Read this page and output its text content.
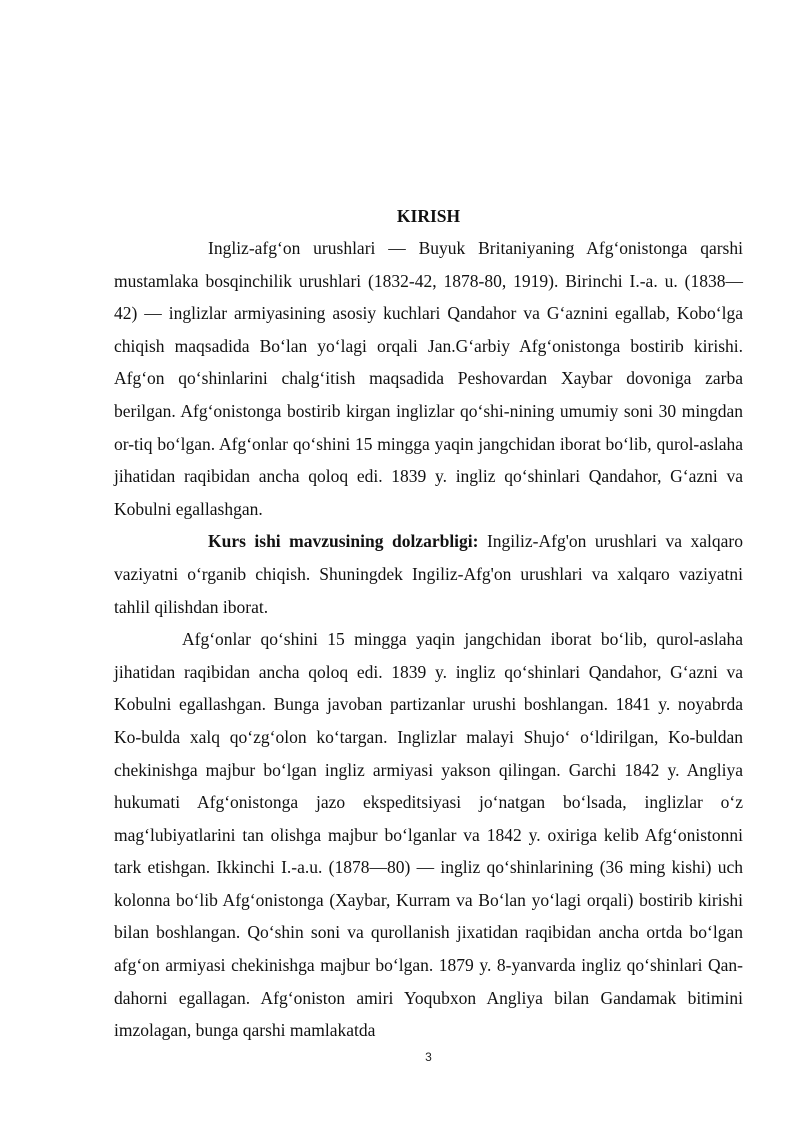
KIRISH

Ingliz-afg‘on urushlari — Buyuk Britaniyaning Afg‘onistonga qarshi mustamlaka bosqinchilik urushlari (1832-42, 1878-80, 1919). Birinchi I.-a. u. (1838—42) — inglizlar armiyasining asosiy kuchlari Qandahor va G‘aznini egallab, Kobo‘lga chiqish maqsadida Bo‘lan yo‘lagi orqali Jan.G‘arbiy Afg‘onistonga bostirib kirishi. Afg‘on qo‘shinlarini chalg‘itish maqsadida Peshovardan Xaybar dovoniga zarba berilgan. Afg‘onistonga bostirib kirgan inglizlar qo‘shi-nining umumiy soni 30 mingdan or-tiq bo‘lgan. Afg‘onlar qo‘shini 15 mingga yaqin jangchidan iborat bo‘lib, qurol-aslaha jihatidan raqibidan ancha qoloq edi. 1839 y. ingliz qo‘shinlari Qandahor, G‘azni va Kobulni egallashgan.

Kurs ishi mavzusining dolzarbligi: Ingiliz-Afg'on urushlari va xalqaro vaziyatni o‘rganib chiqish. Shuningdek Ingiliz-Afg'on urushlari va xalqaro vaziyatni tahlil qilishdan iborat.

Afg‘onlar qo‘shini 15 mingga yaqin jangchidan iborat bo‘lib, qurol-aslaha jihatidan raqibidan ancha qoloq edi. 1839 y. ingliz qo‘shinlari Qandahor, G‘azni va Kobulni egallashgan. Bunga javoban partizanlar urushi boshlangan. 1841 y. noyabrda Ko-bulda xalq qo‘zg‘olon ko‘targan. Inglizlar malayi Shujo‘ o‘ldirilgan, Ko-buldan chekinishga majbur bo‘lgan ingliz armiyasi yakson qilingan. Garchi 1842 y. Angliya hukumati Afg‘onistonga jazo ekspeditsiyasi jo‘natgan bo‘lsada, inglizlar o‘z mag‘lubiyatlarini tan olishga majbur bo‘lganlar va 1842 y. oxiriga kelib Afg‘onistonni tark etishgan. Ikkinchi I.-a.u. (1878—80) — ingliz qo‘shinlarining (36 ming kishi) uch kolonna bo‘lib Afg‘onistonga (Xaybar, Kurram va Bo‘lan yo‘lagi orqali) bostirib kirishi bilan boshlangan. Qo‘shin soni va qurollanish jixatidan raqibidan ancha ortda bo‘lgan afg‘on armiyasi chekinishga majbur bo‘lgan. 1879 y. 8-yanvarda ingliz qo‘shinlari Qan-dahorni egallagan. Afg‘oniston amiri Yoqubxon Angliya bilan Gandamak bitimini imzolagan, bunga qarshi mamlakatda

3
